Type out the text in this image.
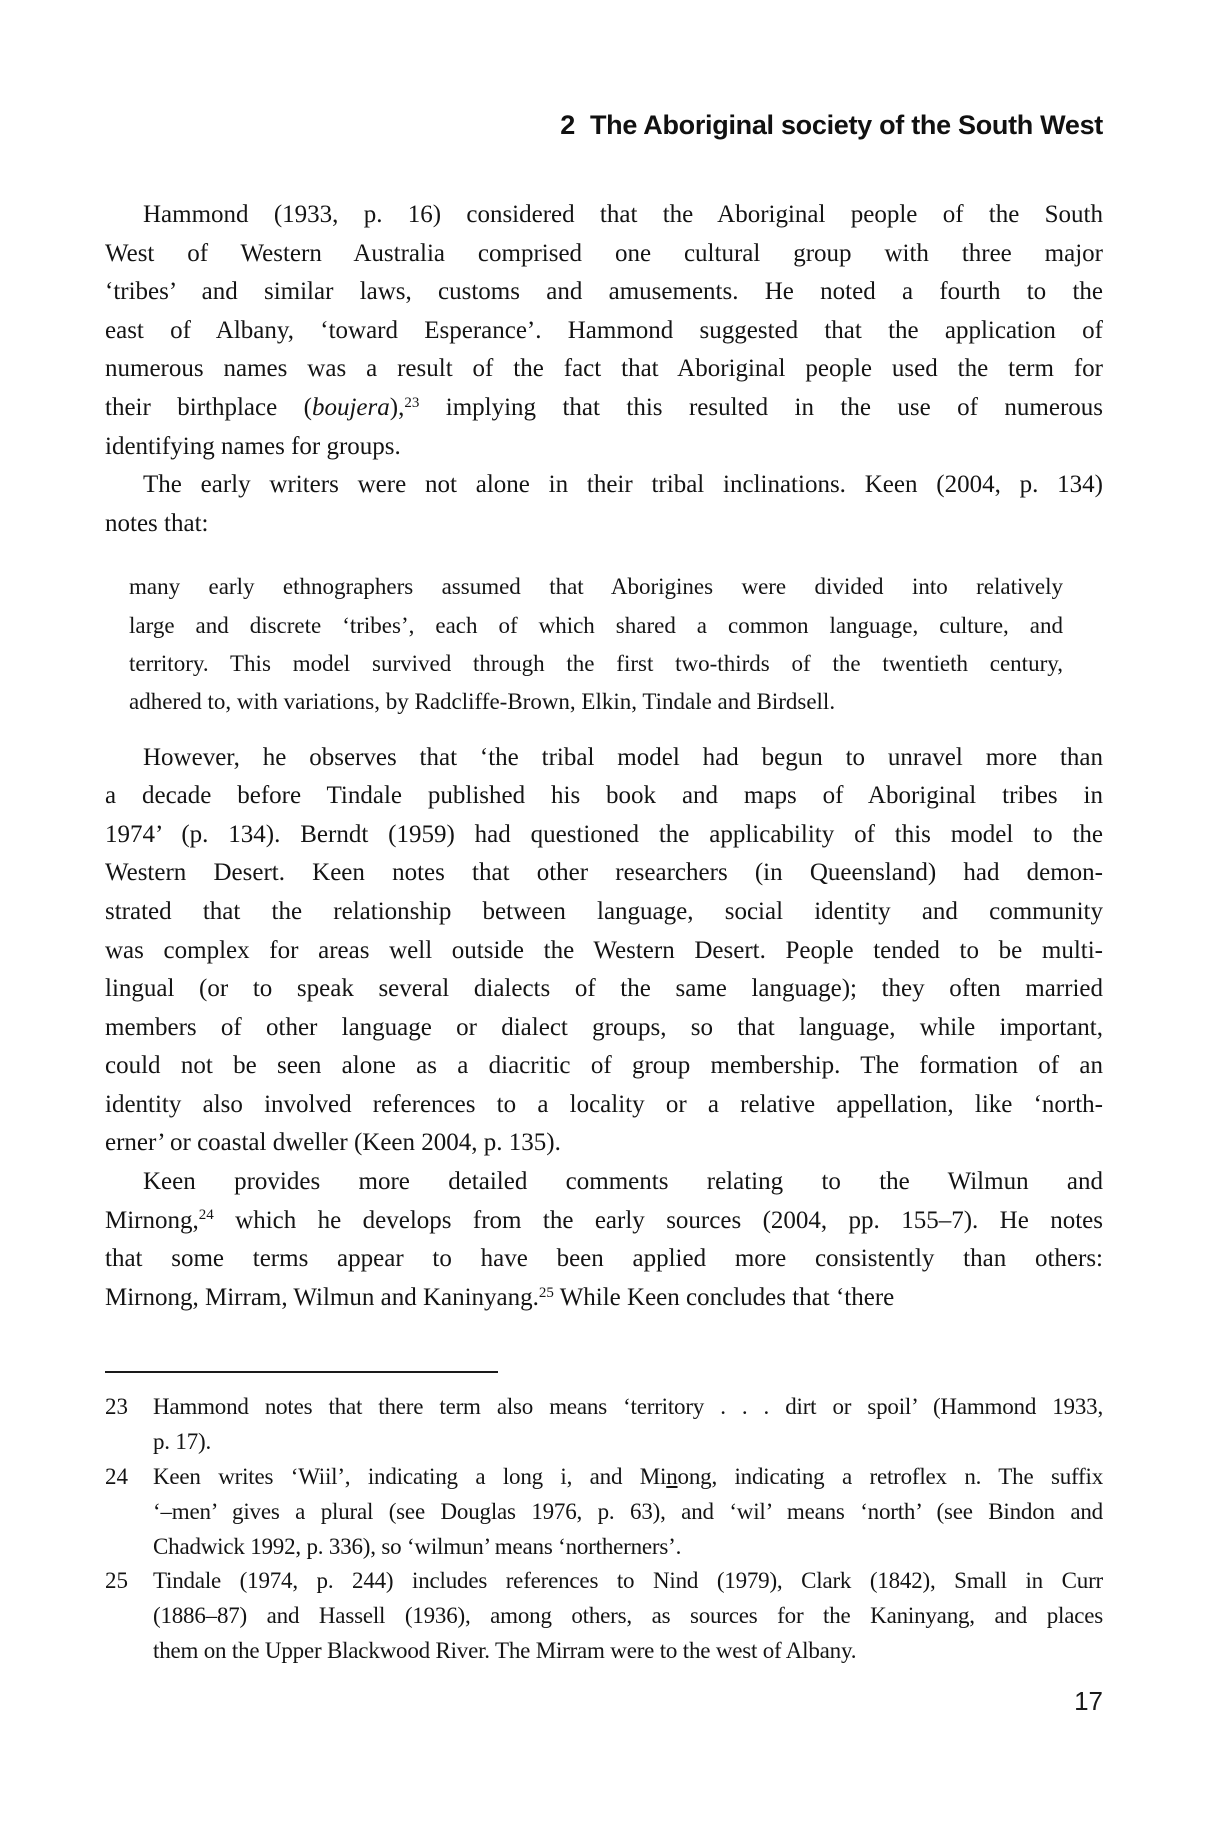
2 The Aboriginal society of the South West
Hammond (1933, p. 16) considered that the Aboriginal people of the South
West of Western Australia comprised one cultural group with three major
‘tribes’ and similar laws, customs and amusements. He noted a fourth to the
east of Albany, ‘toward Esperance’. Hammond suggested that the application of
numerous names was a result of the fact that Aboriginal people used the term for
their birthplace (boujera),$^{23}$ implying that this resulted in the use of numerous
identifying names for groups.
The early writers were not alone in their tribal inclinations. Keen (2004, p. 134)
notes that:
many early ethnographers assumed that Aborigines were divided into relatively
large and discrete ‘tribes’, each of which shared a common language, culture, and
territory. This model survived through the first two-thirds of the twentieth century,
adhered to, with variations, by Radcliffe-Brown, Elkin, Tindale and Birdsell.
However, he observes that ‘the tribal model had begun to unravel more than
a decade before Tindale published his book and maps of Aboriginal tribes in
1974’ (p. 134). Berndt (1959) had questioned the applicability of this model to the
Western Desert. Keen notes that other researchers (in Queensland) had demon-
strated that the relationship between language, social identity and community
was complex for areas well outside the Western Desert. People tended to be multi-
lingual (or to speak several dialects of the same language); they often married
members of other language or dialect groups, so that language, while important,
could not be seen alone as a diacritic of group membership. The formation of an
identity also involved references to a locality or a relative appellation, like ‘north-
erner’ or coastal dweller (Keen 2004, p. 135).
Keen provides more detailed comments relating to the Wilmun and
Mirnong,$^{24}$ which he develops from the early sources (2004, pp. 155–7). He notes
that some terms appear to have been applied more consistently than others:
Mirnong, Mirram, Wilmun and Kaninyang.$^{25}$ While Keen concludes that ‘there
23 Hammond notes that there term also means ‘territory . . . dirt or spoil’ (Hammond 1933,
p. 17).
24 Keen writes ‘Wiil’, indicating a long i, and Minong, indicating a retroflex n. The suffix
‘–men’ gives a plural (see Douglas 1976, p. 63), and ‘wil’ means ‘north’ (see Bindon and
Chadwick 1992, p. 336), so ‘wilmun’ means ‘northerners’.
25 Tindale (1974, p. 244) includes references to Nind (1979), Clark (1842), Small in Curr
(1886–87) and Hassell (1936), among others, as sources for the Kaninyang, and places
them on the Upper Blackwood River. The Mirram were to the west of Albany.
17
